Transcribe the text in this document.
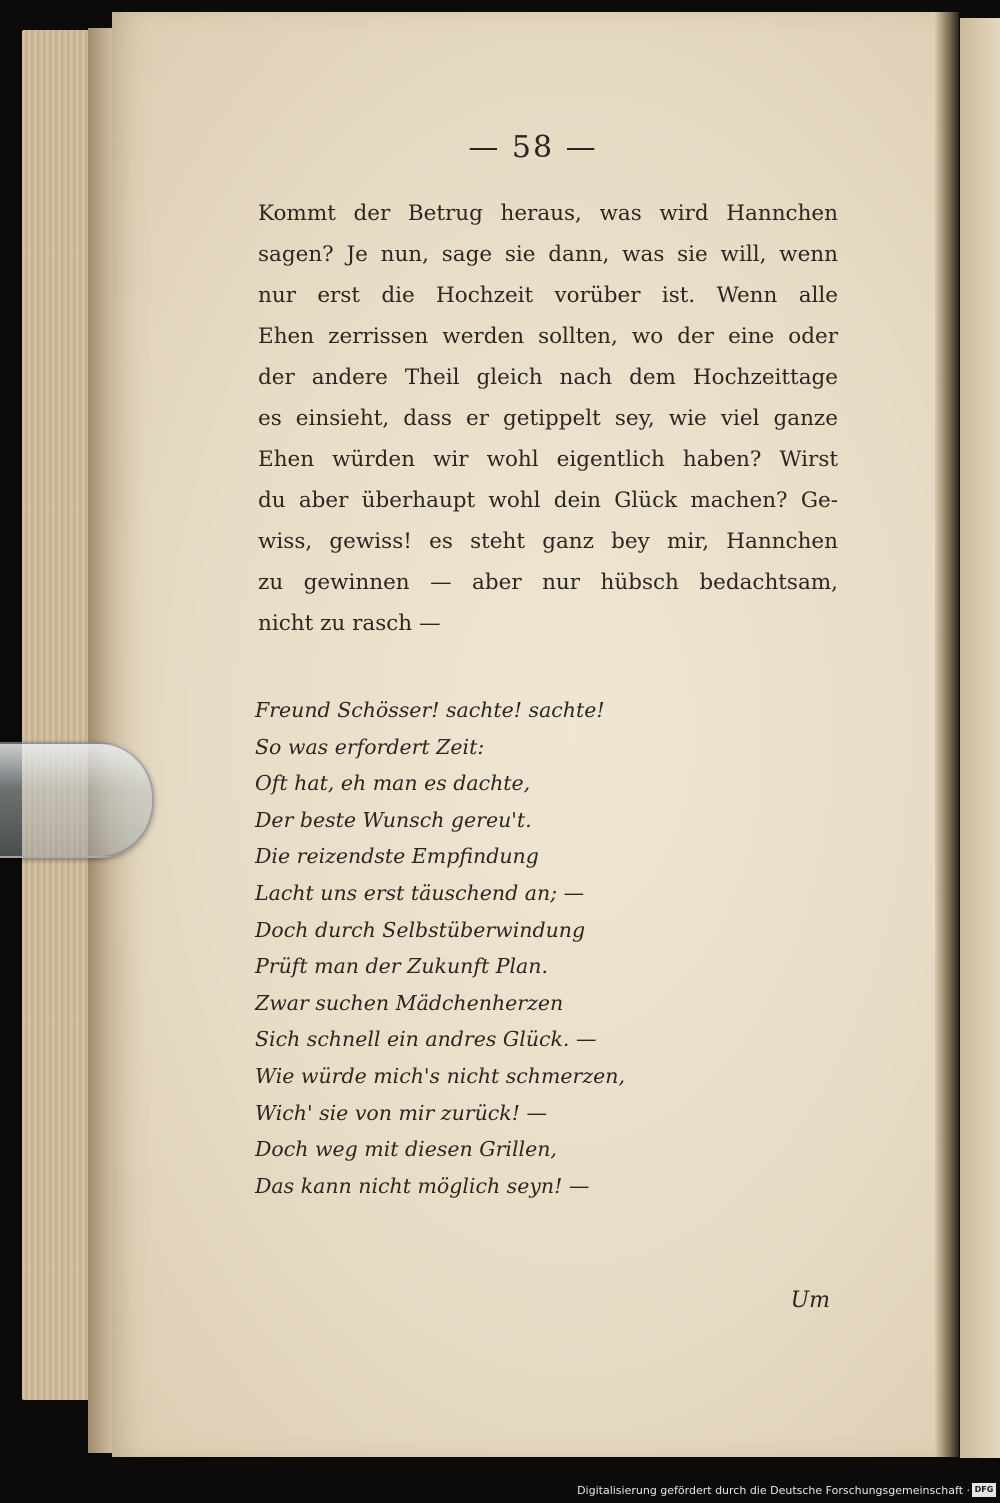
— 58 —
Kommt der Betrug heraus, was wird Hannchen
sagen? Je nun, sage sie dann, was sie will, wenn
nur erst die Hochzeit vorüber ist. Wenn alle
Ehen zerrissen werden sollten, wo der eine oder
der andere Theil gleich nach dem Hochzeittage
es einsieht, dass er getippelt sey, wie viel ganze
Ehen würden wir wohl eigentlich haben? Wirst
du aber überhaupt wohl dein Glück machen? Ge-
wiss, gewiss! es steht ganz bey mir, Hannchen
zu gewinnen — aber nur hübsch bedachtsam,
nicht zu rasch —
Freund Schösser! sachte! sachte!
So was erfordert Zeit:
Oft hat, eh man es dachte,
Der beste Wunsch gereu't.
Die reizendste Empfindung
Lacht uns erst täuschend an; —
Doch durch Selbstüberwindung
Prüft man der Zukunft Plan.
Zwar suchen Mädchenherzen
Sich schnell ein andres Glück. —
Wie würde mich's nicht schmerzen,
Wich' sie von mir zurück! —
Doch weg mit diesen Grillen,
Das kann nicht möglich seyn! —
Um
Digitalisierung gefördert durch die Deutsche Forschungsgemeinschaft · DFG
